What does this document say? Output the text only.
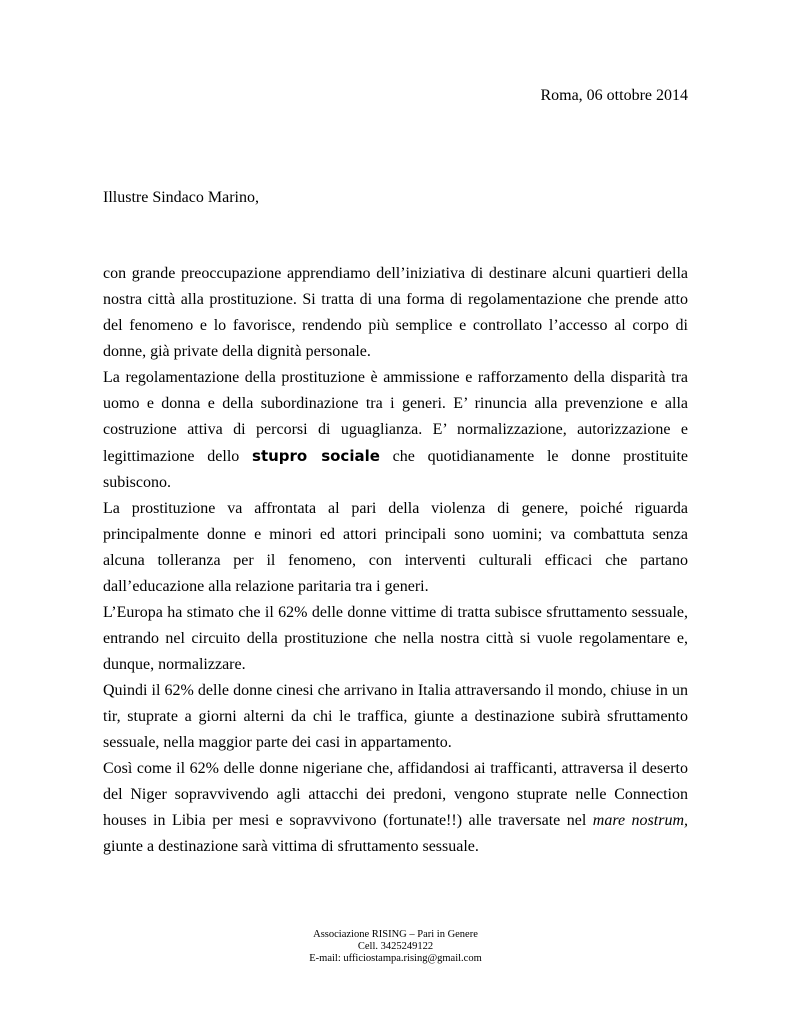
Roma, 06 ottobre 2014
Illustre Sindaco Marino,

con grande preoccupazione apprendiamo dell’iniziativa di destinare alcuni quartieri della nostra città alla prostituzione. Si tratta di una forma di regolamentazione che prende atto del fenomeno e lo favorisce, rendendo più semplice e controllato l’accesso al corpo di donne, già private della dignità personale.

La regolamentazione della prostituzione è ammissione e rafforzamento della disparità tra uomo e donna e della subordinazione tra i generi. E’ rinuncia alla prevenzione e alla costruzione attiva di percorsi di uguaglianza. E’ normalizzazione, autorizzazione e legittimazione dello stupro sociale che quotidianamente le donne prostituite subiscono.

La prostituzione va affrontata al pari della violenza di genere, poiché riguarda principalmente donne e minori ed attori principali sono uomini; va combattuta senza alcuna tolleranza per il fenomeno, con interventi culturali efficaci che partano dall’educazione alla relazione paritaria tra i generi.

L’Europa ha stimato che il 62% delle donne vittime di tratta subisce sfruttamento sessuale, entrando nel circuito della prostituzione che nella nostra città si vuole regolamentare e, dunque, normalizzare.

Quindi il 62% delle donne cinesi che arrivano in Italia attraversando il mondo, chiuse in un tir, stuprate a giorni alterni da chi le traffica, giunte a destinazione subirà sfruttamento sessuale, nella maggior parte dei casi in appartamento.

Così come il 62% delle donne nigeriane che, affidandosi ai trafficanti, attraversa il deserto del Niger sopravvivendo agli attacchi dei predoni, vengono stuprate nelle Connection houses in Libia per mesi e sopravvivono (fortunate!!) alle traversate nel mare nostrum, giunte a destinazione sarà vittima di sfruttamento sessuale.

Associazione RISING – Pari in Genere
Cell. 3425249122
E-mail: ufficiostampa.rising@gmail.com
